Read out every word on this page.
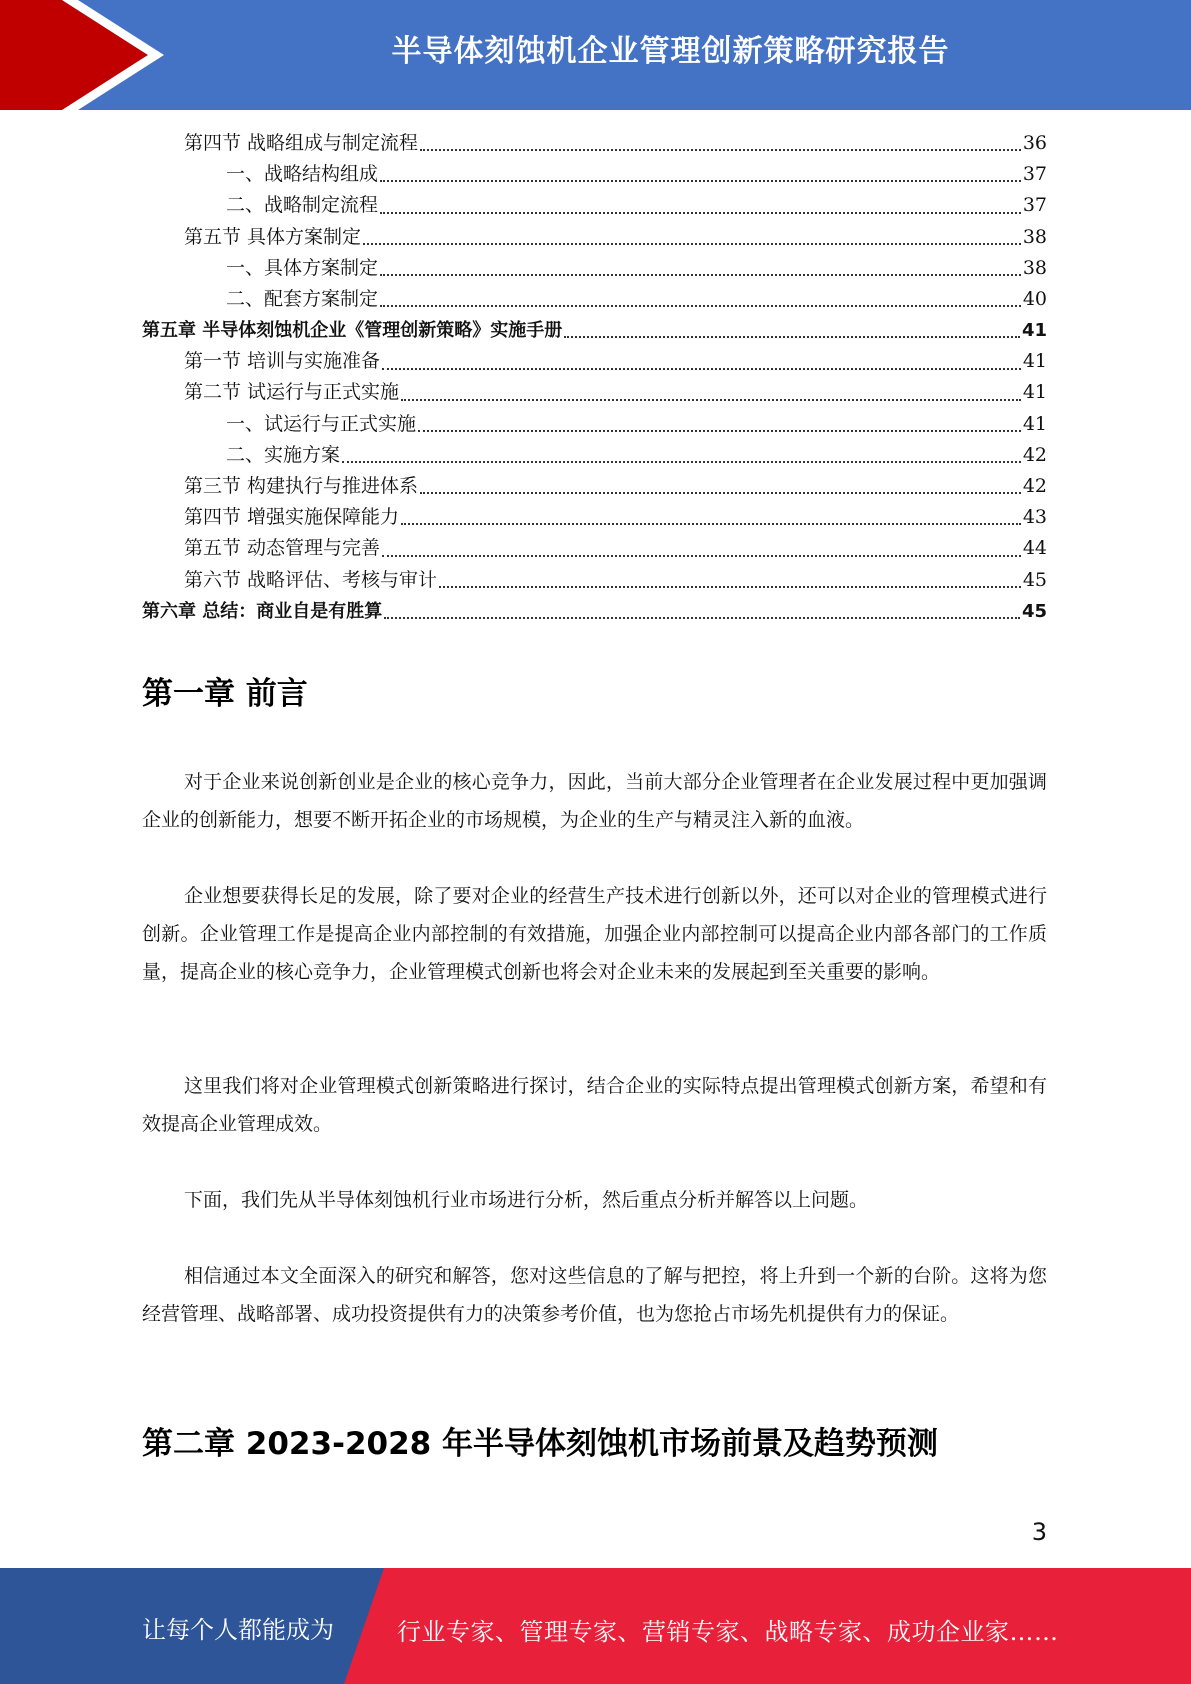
半导体刻蚀机企业管理创新策略研究报告
第四节 战略组成与制定流程	36
一、战略结构组成	37
二、战略制定流程	37
第五节 具体方案制定	38
一、具体方案制定	38
二、配套方案制定	40
第五章 半导体刻蚀机企业《管理创新策略》实施手册	41
第一节 培训与实施准备	41
第二节 试运行与正式实施	41
一、试运行与正式实施	41
二、实施方案	42
第三节 构建执行与推进体系	42
第四节 增强实施保障能力	43
第五节 动态管理与完善	44
第六节 战略评估、考核与审计	45
第六章 总结：商业自是有胜算	45
第一章 前言
对于企业来说创新创业是企业的核心竞争力，因此，当前大部分企业管理者在企业发展过程中更加强调企业的创新能力，想要不断开拓企业的市场规模，为企业的生产与精灵注入新的血液。
企业想要获得长足的发展，除了要对企业的经营生产技术进行创新以外，还可以对企业的管理模式进行创新。企业管理工作是提高企业内部控制的有效措施，加强企业内部控制可以提高企业内部各部门的工作质量，提高企业的核心竞争力，企业管理模式创新也将会对企业未来的发展起到至关重要的影响。
这里我们将对企业管理模式创新策略进行探讨，结合企业的实际特点提出管理模式创新方案，希望和有效提高企业管理成效。
下面，我们先从半导体刻蚀机行业市场进行分析，然后重点分析并解答以上问题。
相信通过本文全面深入的研究和解答，您对这些信息的了解与把控，将上升到一个新的台阶。这将为您经营管理、战略部署、成功投资提供有力的决策参考价值，也为您抢占市场先机提供有力的保证。
第二章 2023-2028 年半导体刻蚀机市场前景及趋势预测
3
让每个人都能成为	行业专家、管理专家、营销专家、战略专家、成功企业家……
